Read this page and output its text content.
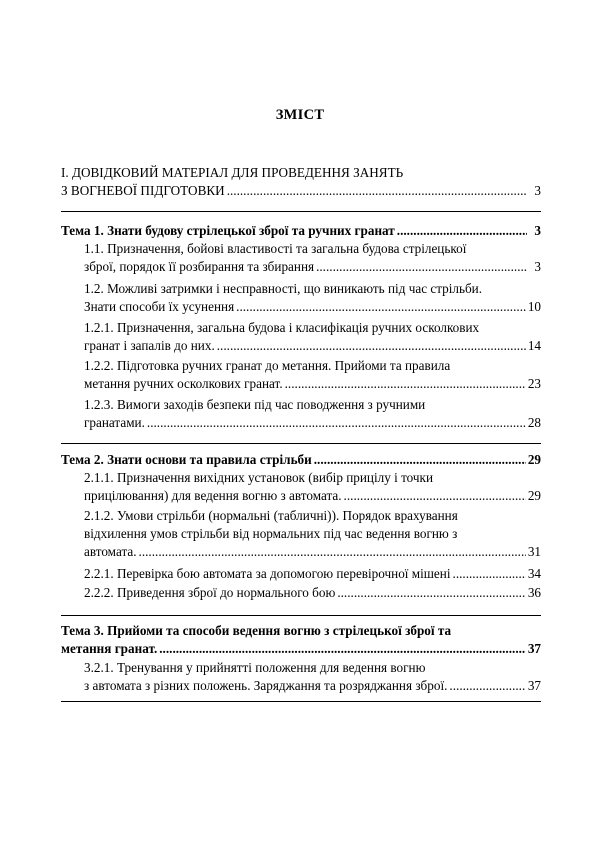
ЗМІСТ
І. ДОВІДКОВИЙ МАТЕРІАЛ ДЛЯ ПРОВЕДЕННЯ ЗАНЯТЬ
З ВОГНЕВОЇ ПІДГОТОВКИ .....	3
Тема 1. Знати будову стрілецької зброї та ручних гранат .....	3
1.1. Призначення, бойові властивості та загальна будова стрілецької
зброї, порядок її розбирання та збирання .....	3
1.2. Можливі затримки і несправності, що виникають під час стрільби.
Знати способи їх усунення .....	10
1.2.1. Призначення, загальна будова і класифікація ручних осколкових
гранат і запалів до них. .....	14
1.2.2. Підготовка ручних гранат до метання. Прийоми та правила
метання ручних осколкових гранат. .....	23
1.2.3. Вимоги заходів безпеки під час поводження з ручними
гранатами. .....	28
Тема 2. Знати основи та правила стрільби .....	29
2.1.1. Призначення вихідних установок (вибір прицілу і точки
прицілювання) для ведення вогню з автомата. .....	29
2.1.2. Умови стрільби (нормальні (табличні)). Порядок врахування
відхилення умов стрільби від нормальних під час ведення вогню з
автомата. .....	31
2.2.1. Перевірка бою автомата за допомогою перевірочної мішені .....	34
2.2.2. Приведення зброї до нормального бою .....	36
Тема 3. Прийоми та способи ведення вогню з стрілецької зброї та
метання гранат. .....	37
3.2.1. Тренування у прийнятті положення для ведення вогню
з автомата з різних положень. Заряджання та розряджання зброї. .....	37
